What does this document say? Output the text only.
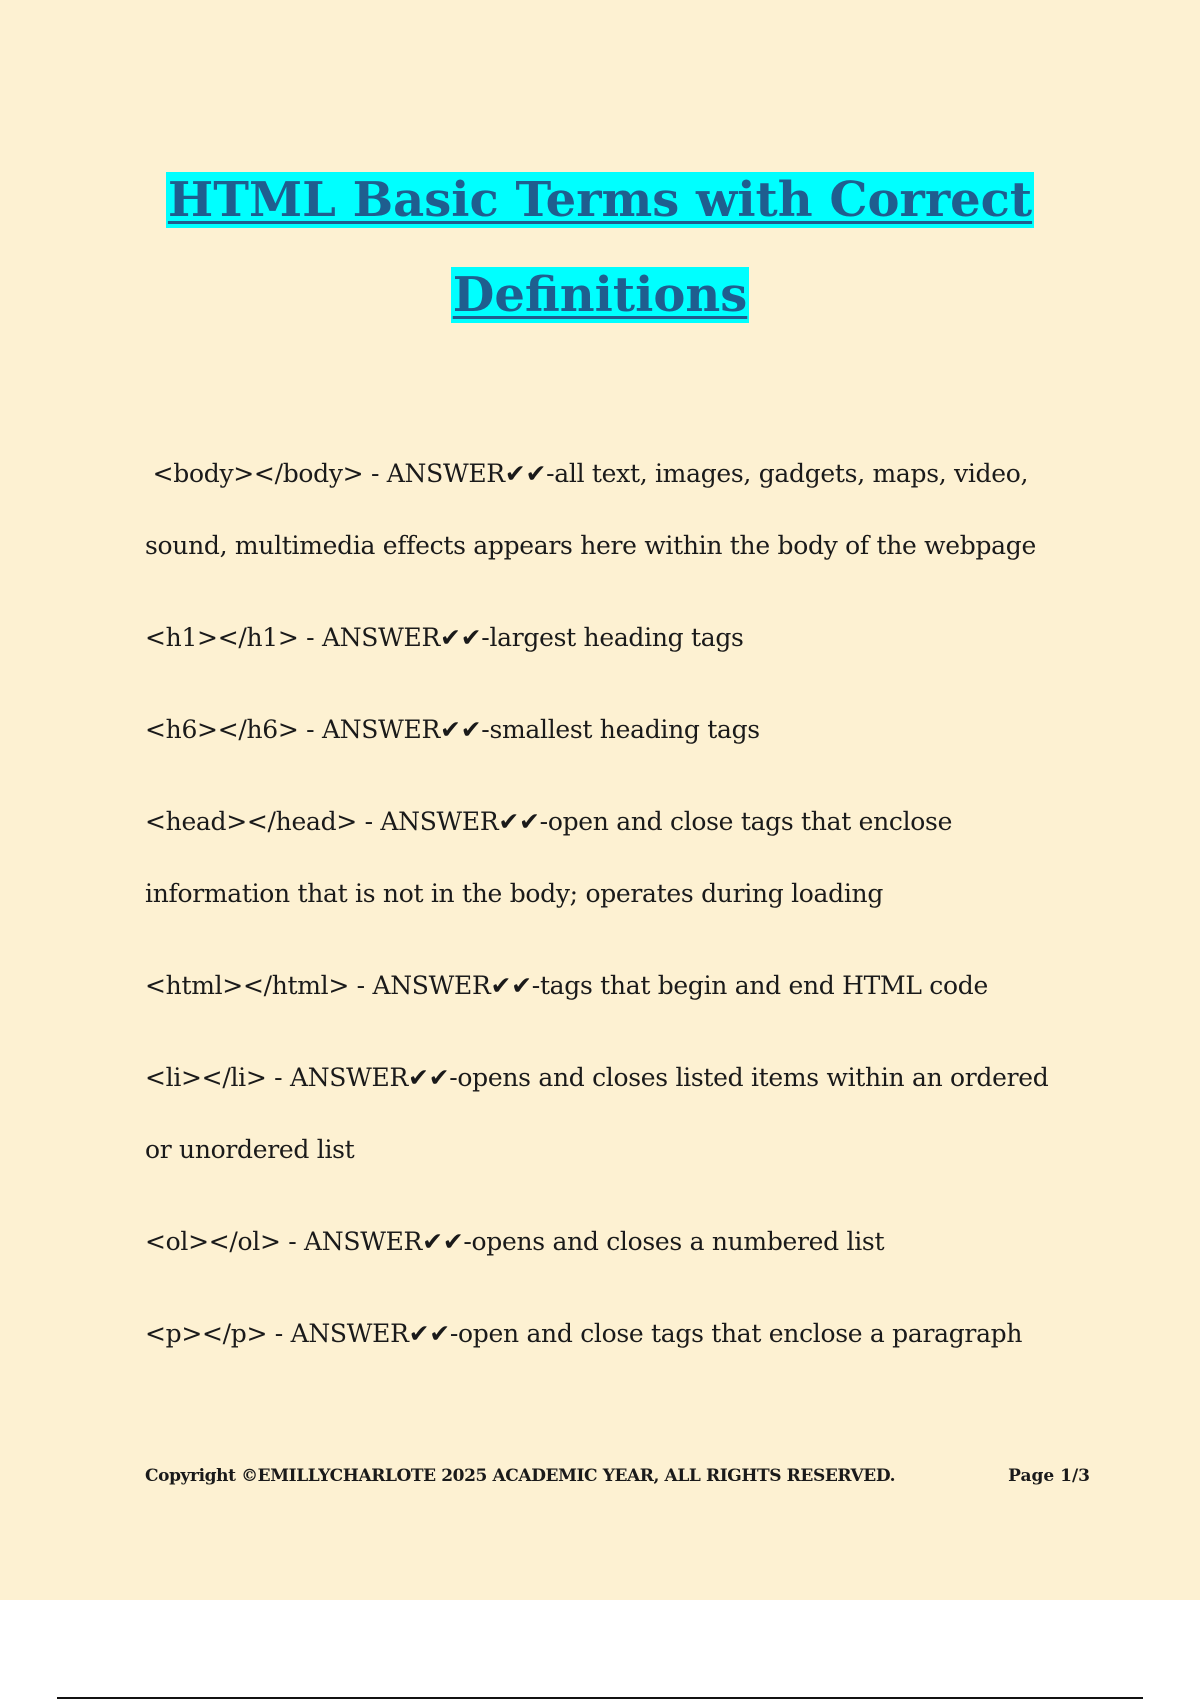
HTML Basic Terms with Correct
Definitions
<body></body> - ANSWER✔✔-all text, images, gadgets, maps, video, sound, multimedia effects appears here within the body of the webpage
<h1></h1> - ANSWER✔✔-largest heading tags
<h6></h6> - ANSWER✔✔-smallest heading tags
<head></head> - ANSWER✔✔-open and close tags that enclose information that is not in the body; operates during loading
<html></html> - ANSWER✔✔-tags that begin and end HTML code
<li></li> - ANSWER✔✔-opens and closes listed items within an ordered or unordered list
<ol></ol> - ANSWER✔✔-opens and closes a numbered list
<p></p> - ANSWER✔✔-open and close tags that enclose a paragraph
Copyright ©EMILLYCHARLOTE 2025 ACADEMIC YEAR, ALL RIGHTS RESERVED.	Page 1/3
